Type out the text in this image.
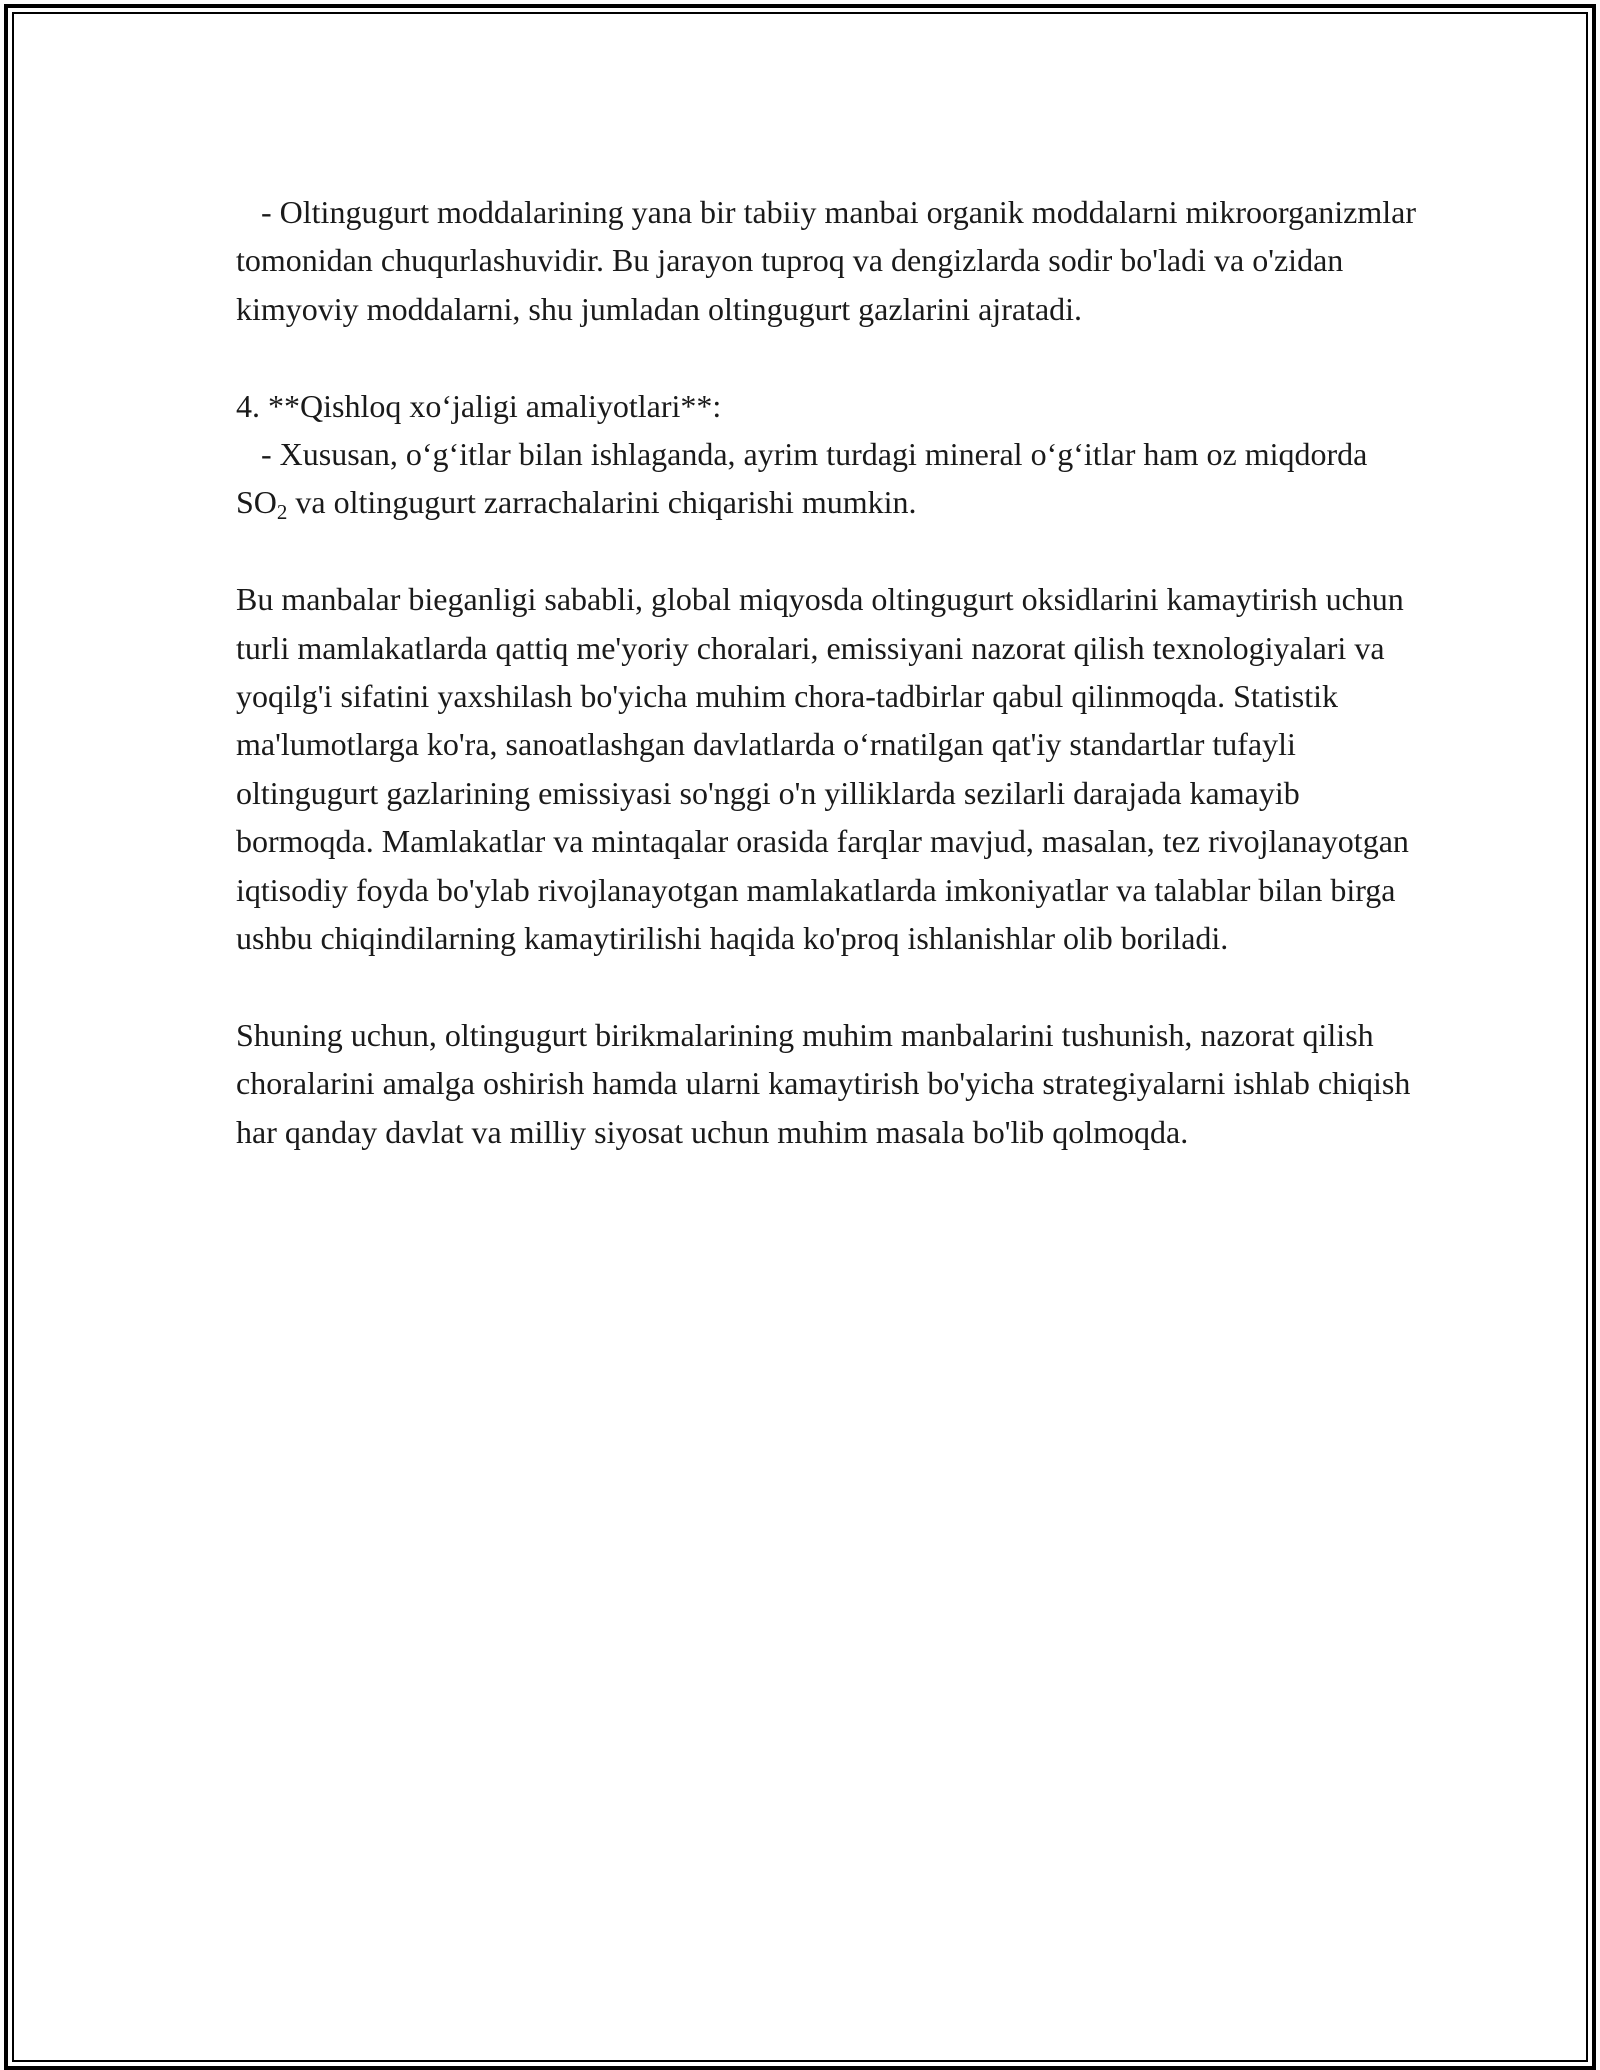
- Oltingugurt moddalarining yana bir tabiiy manbai organik moddalarni mikroorganizmlar tomonidan chuqurlashuvidir. Bu jarayon tuproq va dengizlarda sodir bo'ladi va o'zidan kimyoviy moddalarni, shu jumladan oltingugurt gazlarini ajratadi.

4. **Qishloq xo‘jaligi amaliyotlari**:
- Xususan, o‘g‘itlar bilan ishlaganda, ayrim turdagi mineral o‘g‘itlar ham oz miqdorda $SO_2$ va oltingugurt zarrachalarini chiqarishi mumkin.

Bu manbalar bieganligi sababli, global miqyosda oltingugurt oksidlarini kamaytirish uchun turli mamlakatlarda qattiq me'yoriy choralari, emissiyani nazorat qilish texnologiyalari va yoqilg'i sifatini yaxshilash bo'yicha muhim chora-tadbirlar qabul qilinmoqda. Statistik ma'lumotlarga ko'ra, sanoatlashgan davlatlarda o‘rnatilgan qat'iy standartlar tufayli oltingugurt gazlarining emissiyasi so'nggi o'n yilliklarda sezilarli darajada kamayib bormoqda. Mamlakatlar va mintaqalar orasida farqlar mavjud, masalan, tez rivojlanayotgan iqtisodiy foyda bo'ylab rivojlanayotgan mamlakatlarda imkoniyatlar va talablar bilan birga ushbu chiqindilarning kamaytirilishi haqida ko'proq ishlanishlar olib boriladi.

Shuning uchun, oltingugurt birikmalarining muhim manbalarini tushunish, nazorat qilish choralarini amalga oshirish hamda ularni kamaytirish bo'yicha strategiyalarni ishlab chiqish har qanday davlat va milliy siyosat uchun muhim masala bo'lib qolmoqda.
